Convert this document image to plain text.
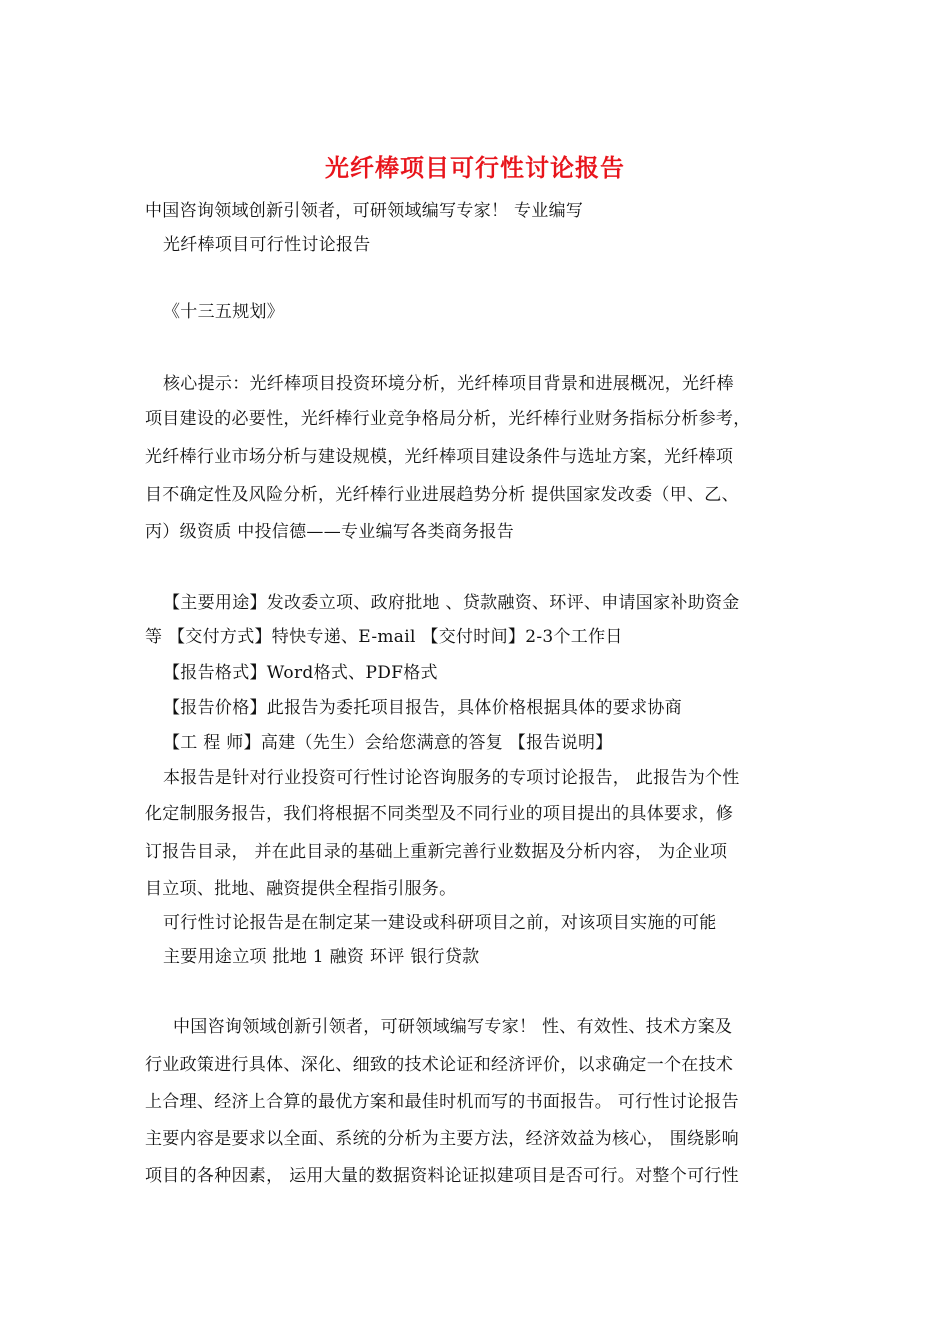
光纤棒项目可行性讨论报告
中国咨询领域创新引领者，可研领域编写专家！ 专业编写
光纤棒项目可行性讨论报告
《十三五规划》
核心提示：光纤棒项目投资环境分析，光纤棒项目背景和进展概况，光纤棒
项目建设的必要性，光纤棒行业竞争格局分析，光纤棒行业财务指标分析参考，
光纤棒行业市场分析与建设规模，光纤棒项目建设条件与选址方案，光纤棒项
目不确定性及风险分析，光纤棒行业进展趋势分析 提供国家发改委（甲、乙、
丙）级资质 中投信德——专业编写各类商务报告
【主要用途】发改委立项、政府批地 、贷款融资、环评、申请国家补助资金
等 【交付方式】特快专递、E-mail 【交付时间】2-3个工作日
【报告格式】Word格式、PDF格式
【报告价格】此报告为委托项目报告，具体价格根据具体的要求协商
【工 程 师】高建（先生）会给您满意的答复 【报告说明】
本报告是针对行业投资可行性讨论咨询服务的专项讨论报告， 此报告为个性
化定制服务报告，我们将根据不同类型及不同行业的项目提出的具体要求，修
订报告目录， 并在此目录的基础上重新完善行业数据及分析内容， 为企业项
目立项、批地、融资提供全程指引服务。
可行性讨论报告是在制定某一建设或科研项目之前，对该项目实施的可能
主要用途立项 批地 1 融资 环评 银行贷款
中国咨询领域创新引领者，可研领域编写专家！ 性、有效性、技术方案及
行业政策进行具体、深化、细致的技术论证和经济评价，以求确定一个在技术
上合理、经济上合算的最优方案和最佳时机而写的书面报告。 可行性讨论报告
主要内容是要求以全面、系统的分析为主要方法，经济效益为核心， 围绕影响
项目的各种因素， 运用大量的数据资料论证拟建项目是否可行。对整个可行性
